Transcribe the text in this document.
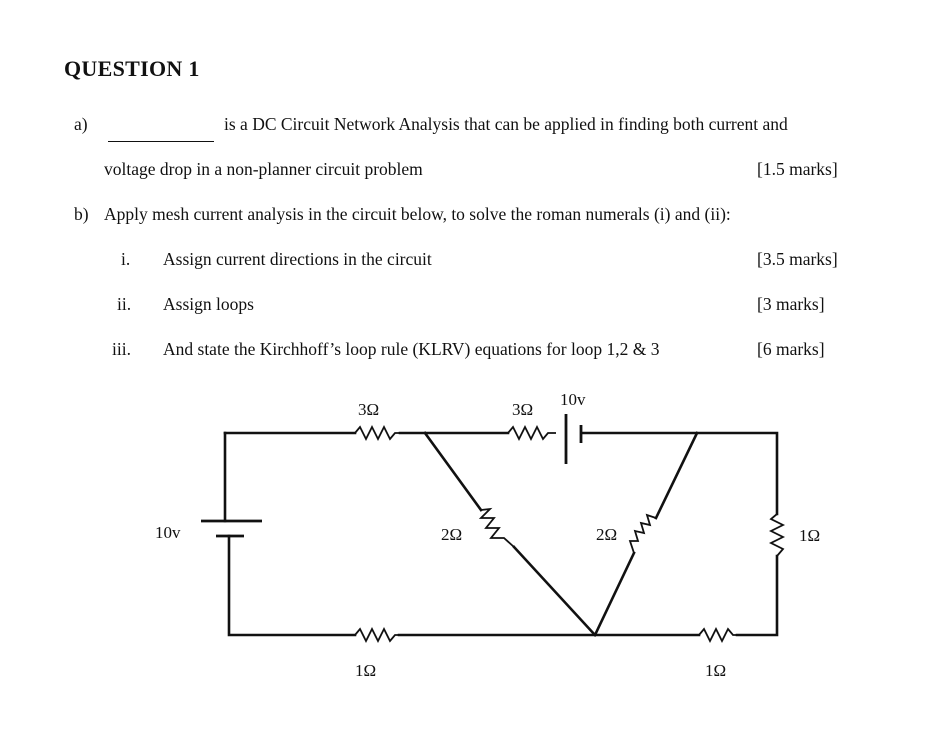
QUESTION 1
a)	is a DC Circuit Network Analysis that can be applied in finding both current and
voltage drop in a non-planner circuit problem	[1.5 marks]
b) Apply mesh current analysis in the circuit below, to solve the roman numerals (i) and (ii):
i. Assign current directions in the circuit	[3.5 marks]
ii. Assign loops	[3 marks]
iii. And state the Kirchhoff’s loop rule (KLRV) equations for loop 1,2 & 3	[6 marks]
3Ω	3Ω
10v
10v	2Ω	2Ω	1Ω
1Ω	1Ω
